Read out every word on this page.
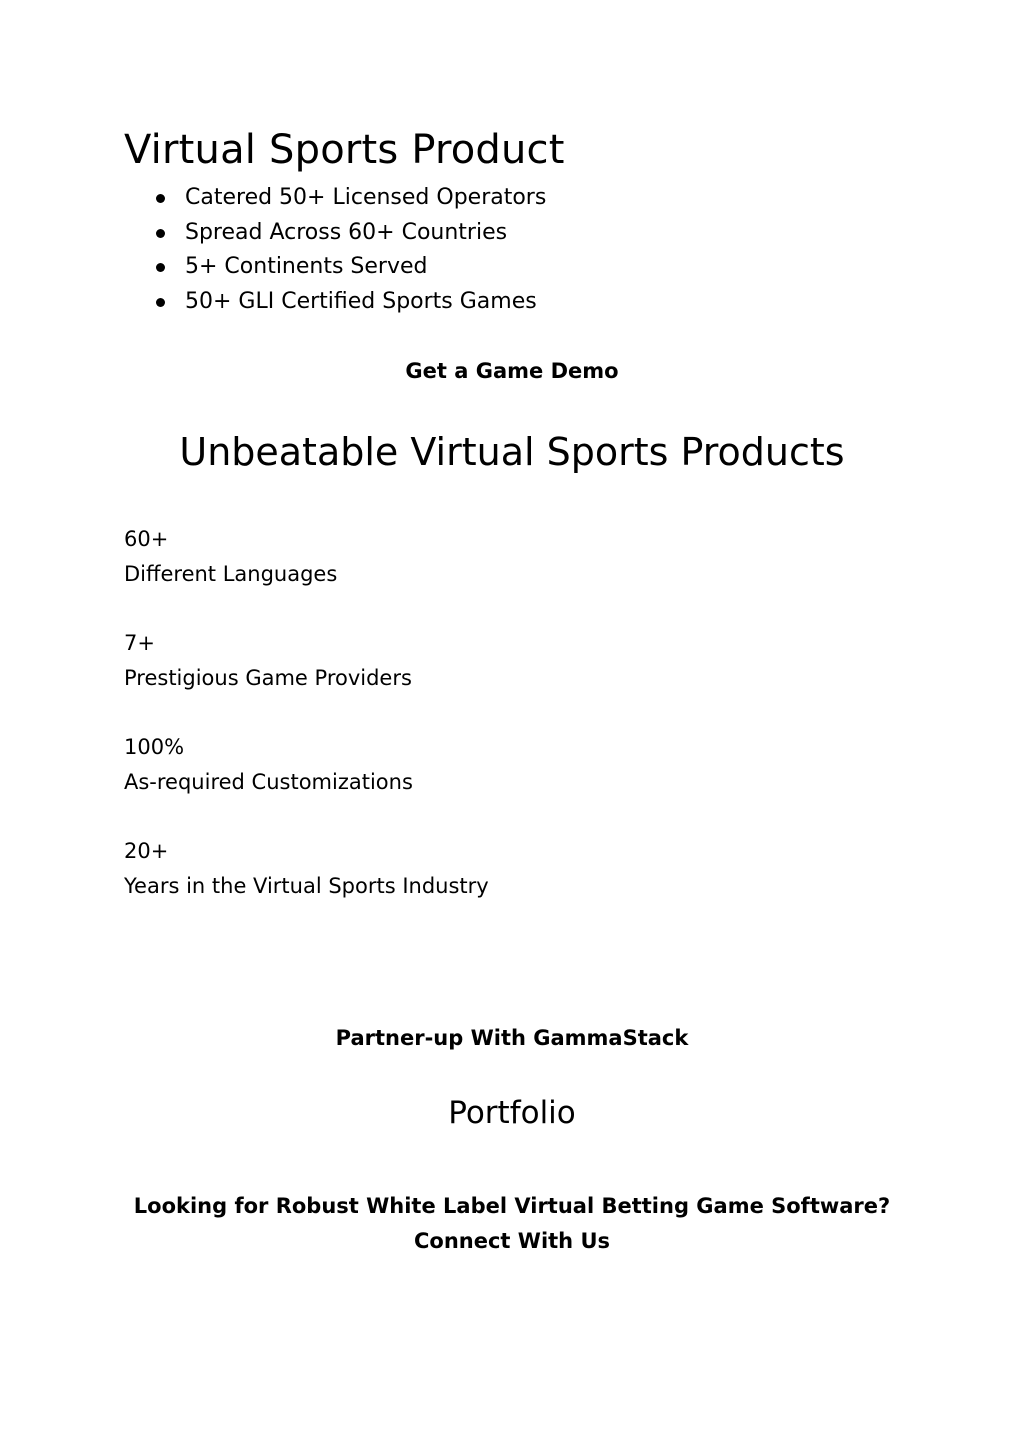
Virtual Sports Product
Catered 50+ Licensed Operators
Spread Across 60+ Countries
5+ Continents Served
50+ GLI Certified Sports Games

Get a Game Demo

Unbeatable Virtual Sports Products
60+
Different Languages
7+
Prestigious Game Providers
100%
As-required Customizations
20+
Years in the Virtual Sports Industry

Partner-up With GammaStack

Portfolio

Looking for Robust White Label Virtual Betting Game Software?

Connect With Us
